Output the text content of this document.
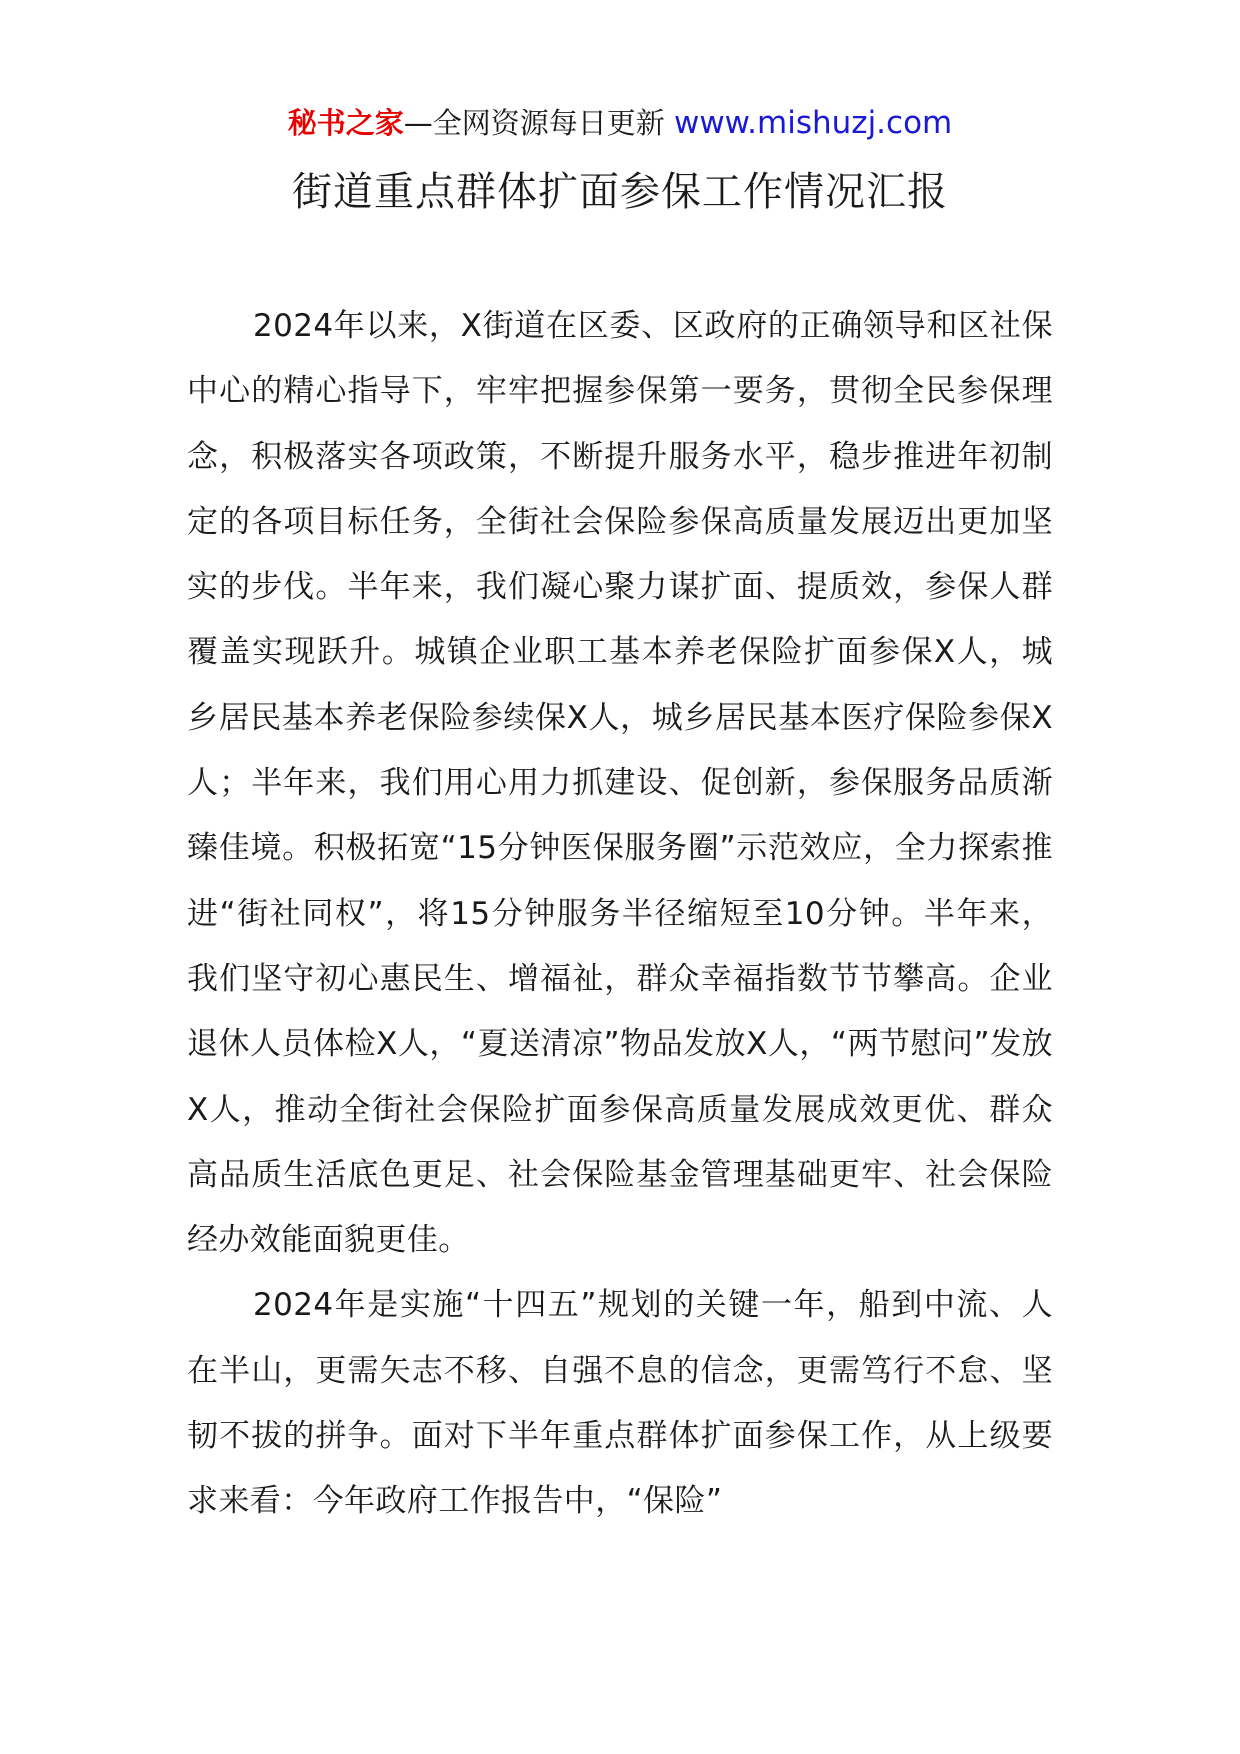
秘书之家—全网资源每日更新 www.mishuzj.com
街道重点群体扩面参保工作情况汇报

2024年以来，X街道在区委、区政府的正确领导和区社保中心的精心指导下，牢牢把握参保第一要务，贯彻全民参保理念，积极落实各项政策，不断提升服务水平，稳步推进年初制定的各项目标任务，全街社会保险参保高质量发展迈出更加坚实的步伐。半年来，我们凝心聚力谋扩面、提质效，参保人群覆盖实现跃升。城镇企业职工基本养老保险扩面参保X人，城乡居民基本养老保险参续保X人，城乡居民基本医疗保险参保X人；半年来，我们用心用力抓建设、促创新，参保服务品质渐臻佳境。积极拓宽“15分钟医保服务圈”示范效应，全力探索推进“街社同权”，将15分钟服务半径缩短至10分钟。半年来，我们坚守初心惠民生、增福祉，群众幸福指数节节攀高。企业退休人员体检X人，“夏送清凉”物品发放X人，“两节慰问”发放X人，推动全街社会保险扩面参保高质量发展成效更优、群众高品质生活底色更足、社会保险基金管理基础更牢、社会保险经办效能面貌更佳。

2024年是实施“十四五”规划的关键一年，船到中流、人在半山，更需矢志不移、自强不息的信念，更需笃行不怠、坚韧不拔的拼争。面对下半年重点群体扩面参保工作，从上级要求来看：今年政府工作报告中，“保险”
